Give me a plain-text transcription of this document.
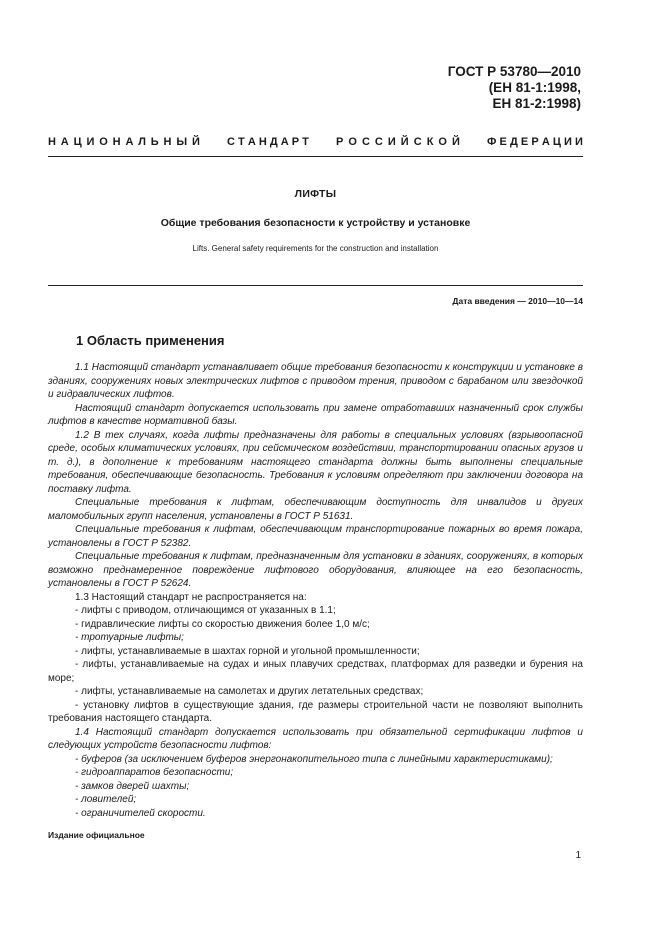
ГОСТ Р 53780—2010
(ЕН 81-1:1998,
ЕН 81-2:1998)
Н А Ц И О Н А Л Ь Н Ы Й С Т А Н Д А Р Т Р О С С И Й С К О Й Ф Е Д Е Р А Ц И И
ЛИФТЫ
Общие требования безопасности к устройству и установке
Lifts. General safety requirements for the construction and installation
Дата введения — 2010—10—14
1 Область применения

1.1 Настоящий стандарт устанавливает общие требования безопасности к конструкции и установке в зданиях, сооружениях новых электрических лифтов с приводом трения, приводом с барабаном или звездочкой и гидравлических лифтов.

Настоящий стандарт допускается использовать при замене отработавших назначенный срок службы лифтов в качестве нормативной базы.

1.2 В тех случаях, когда лифты предназначены для работы в специальных условиях (взрывоопасной среде, особых климатических условиях, при сейсмическом воздействии, транспортировании опасных грузов и т. д.), в дополнение к требованиям настоящего стандарта должны быть выполнены специальные требования, обеспечивающие безопасность. Требования к условиям определяют при заключении договора на поставку лифта.

Специальные требования к лифтам, обеспечивающим доступность для инвалидов и других маломобильных групп населения, установлены в ГОСТ Р 51631.

Специальные требования к лифтам, обеспечивающим транспортирование пожарных во время пожара, установлены в ГОСТ Р 52382.

Специальные требования к лифтам, предназначенным для установки в зданиях, сооружениях, в которых возможно преднамеренное повреждение лифтового оборудования, влияющее на его безопасность, установлены в ГОСТ Р 52624.

1.3 Настоящий стандарт не распространяется на:

- лифты с приводом, отличающимся от указанных в 1.1;

- гидравлические лифты со скоростью движения более 1,0 м/с;

- тротуарные лифты;

- лифты, устанавливаемые в шахтах горной и угольной промышленности;

- лифты, устанавливаемые на судах и иных плавучих средствах, платформах для разведки и бурения на море;

- лифты, устанавливаемые на самолетах и других летательных средствах;

- установку лифтов в существующие здания, где размеры строительной части не позволяют выполнить требования настоящего стандарта.

1.4 Настоящий стандарт допускается использовать при обязательной сертификации лифтов и следующих устройств безопасности лифтов:

- буферов (за исключением буферов энергонакопительного типа с линейными характеристиками);

- гидроаппаратов безопасности;

- замков дверей шахты;

- ловителей;

- ограничителей скорости.

Издание официальное
1
